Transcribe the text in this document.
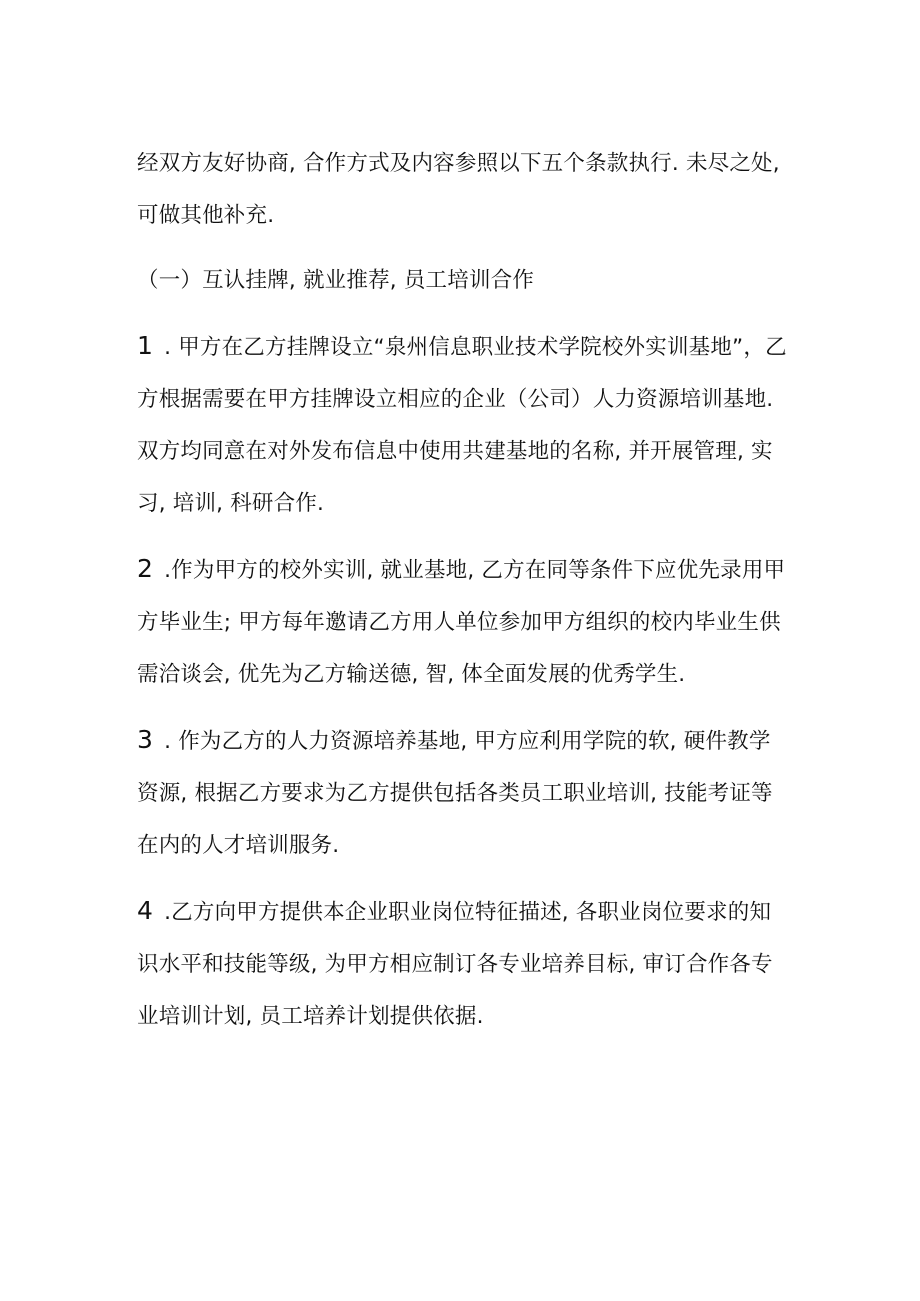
经双方友好协商, 合作方式及内容参照以下五个条款执行. 未尽之处, 可做其他补充.

（一）互认挂牌, 就业推荐, 员工培训合作

1 . 甲方在乙方挂牌设立“泉州信息职业技术学院校外实训基地”，乙方根据需要在甲方挂牌设立相应的企业（公司）人力资源培训基地. 双方均同意在对外发布信息中使用共建基地的名称, 并开展管理, 实习, 培训, 科研合作.

2 .作为甲方的校外实训, 就业基地, 乙方在同等条件下应优先录用甲方毕业生; 甲方每年邀请乙方用人单位参加甲方组织的校内毕业生供需洽谈会, 优先为乙方输送德, 智, 体全面发展的优秀学生.

3 . 作为乙方的人力资源培养基地, 甲方应利用学院的软, 硬件教学资源, 根据乙方要求为乙方提供包括各类员工职业培训, 技能考证等在内的人才培训服务.

4 .乙方向甲方提供本企业职业岗位特征描述, 各职业岗位要求的知识水平和技能等级, 为甲方相应制订各专业培养目标, 审订合作各专业培训计划, 员工培养计划提供依据.
